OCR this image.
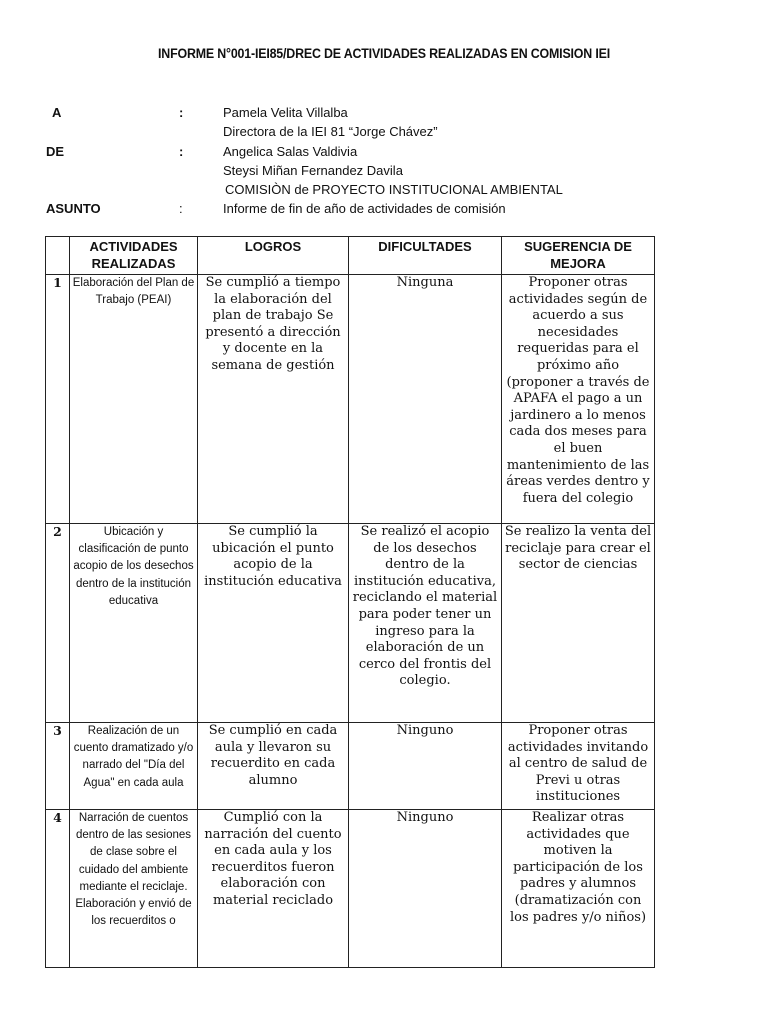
INFORME N°001-IEI85/DREC DE ACTIVIDADES REALIZADAS EN COMISION IEI
A	:	Pamela Velita Villalba
Directora de la IEI 81 “Jorge Chávez”
DE	:	Angelica Salas Valdivia
Steysi Miñan Fernandez Davila
COMISIÒN de PROYECTO INSTITUCIONAL AMBIENTAL
ASUNTO	:	Informe de fin de año de actividades de comisión
	ACTIVIDADES REALIZADAS	LOGROS	DIFICULTADES	SUGERENCIA DE MEJORA
1	Elaboración del Plan de Trabajo (PEAI)	Se cumplió a tiempo la elaboración del plan de trabajo Se presentó a dirección y docente en la semana de gestión	Ninguna	Proponer otras actividades según de acuerdo a sus necesidades requeridas para el próximo año (proponer a través de APAFA el pago a un jardinero a lo menos cada dos meses para el buen mantenimiento de las áreas verdes dentro y fuera del colegio
2	Ubicación y clasificación de punto acopio de los desechos dentro de la institución educativa	Se cumplió la ubicación el punto acopio de la institución educativa	Se realizó el acopio de los desechos dentro de la institución educativa, reciclando el material para poder tener un ingreso para la elaboración de un cerco del frontis del colegio.	Se realizo la venta del reciclaje para crear el sector de ciencias
3	Realización de un cuento dramatizado y/o narrado del "Día del Agua" en cada aula	Se cumplió en cada aula y llevaron su recuerdito en cada alumno	Ninguno	Proponer otras actividades invitando al centro de salud de Previ u otras instituciones
4	Narración de cuentos dentro de las sesiones de clase sobre el cuidado del ambiente mediante el reciclaje. Elaboración y envió de los recuerditos o	Cumplió con la narración del cuento en cada aula y los recuerditos fueron elaboración con material reciclado	Ninguno	Realizar otras actividades que motiven la participación de los padres y alumnos (dramatización con los padres y/o niños)
